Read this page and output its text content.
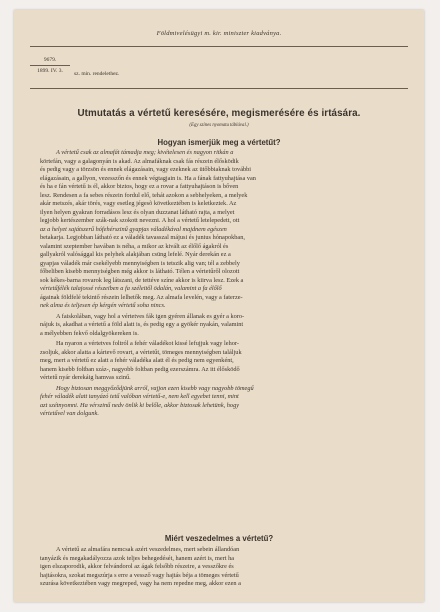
Földmivelésügyi m. kir. miniszter kiadványa.
9679.
1899. IV. 3.
sz. min. rendelethez.
Utmutatás a vértetű keresésére, megismerésére és irtására.
(Egy színes nyomatu táblával.)
Hogyan ismerjük meg a vértetűt?
A vértetű csak az almafát támadja meg; kivételesen és nagyon ritkán a
körtefán, vagy a galagonyán is akad. Az almafáknak csak fás részein élősködik
és pedig vagy a törzsön és ennek elágazásain, vagy ezeknek az ütőbbiaknak további
elágazásain, a gallyon, vezesszőn és ennek végtagjain is. Ha a fának fattyuhajtása van
és ha e fán vértetű is él, akkor biztos, hogy ez a rovar a fattyuhajtáson is bőven
lesz. Rendesen a fa sebes részein fordul elő, tehát azokon a sebhelyeken, a melyek
akár metszés, akár törés, vagy esetleg jégesõ következtében is keletkeztek. Az
ilyen helyen gyakran forradásos lesz és olyan duzzanat látható rajta, a melyet
legjobb kertészember szák-nak szokott nevezni. A hol a vértetű letelepedett, ott
az a helyet sajátszerű hófehérszinű gyapjas váladékával majdnem egészen
betakarja. Legjobban látható ez a váladék tavasszal májusi és junius hónapokban,
valamint szeptember havában is néha, a mikor az kivált az élőlő ágakról és
gallyakról valósággal kis pelyhek alakjában csüng lefelé. Nyár derekán ez a
gyapjas váladék már csekélyebb mennyiségben is tetszik alig van; tél a zebbely
főbeliben kisebb mennyiségben még akkor is látható. Télen a vértetűről olozott
sok kékes-barna rovarok leg látszani, de tettéve színe akkor is kiirva lesz. Ezek a
vértetűfélék talajossé részeiben a fa széleitől ödalán, valamint a fa élőlő
ágainak földfelé tekintő részein lelhetők meg. Az almafa levelén, vagy a faterze-
nek alma és teljesen ép kérgén vértetű soha nincs.
A faiskolában, vagy hol a vértetves fák igen gyéren állanak es gyér a koro-
nájuk is, akadhat a vértetű a föld alatt is, és pedig egy a gyökér nyakán, valamint
a mélyebben fekvő oldalgyökereken is.
Ha nyaron a vértetves foltról a fehér váladékot kissé lefujjuk vagy lehor-
zsoljuk, akkor alatta a kártevő rovart, a vértetűt, tömeges mennyiségben találjuk
meg, mert a vértetű ez alatt a fehér váladéka alatt él és pedig nem egyenként,
hanem kisebb foltban száz-, nagyobb foltban pedig ezerszámra. Az itt élősködő
vértetű nyár derekáig hamvas szinű.
Hogy biztosan meggyőződjünk arról, vajjon ezen kisebb vagy nagyobb tömegű
fehér váladék alatt tanyázó tetű valóban vértetű-e, nem kell egyebet tenni, mint
azt szétnyomni. Ha vérszinű nedv önlik ki belőle, akkor biztosak lehetünk, hogy
vértetűvel van dolgunk.
Miért veszedelmes a vértetű?
A vértetű az almafára nemcsak azért veszedelmes, mert sebein állandóan
tanyázik és megakadályozza azok teljes behegedését, hanem azért is, mert ha
igen elszaporodik, akkor felvándorol az ágak felsőbb részeire, a vesszőkre és
hajtásokra, szokat megszúrja s erre a vessző vagy hajtás béja a tömeges vértetű
szurása következtében vagy megreped, vagy ha nem repedne meg, akkor ezen a
